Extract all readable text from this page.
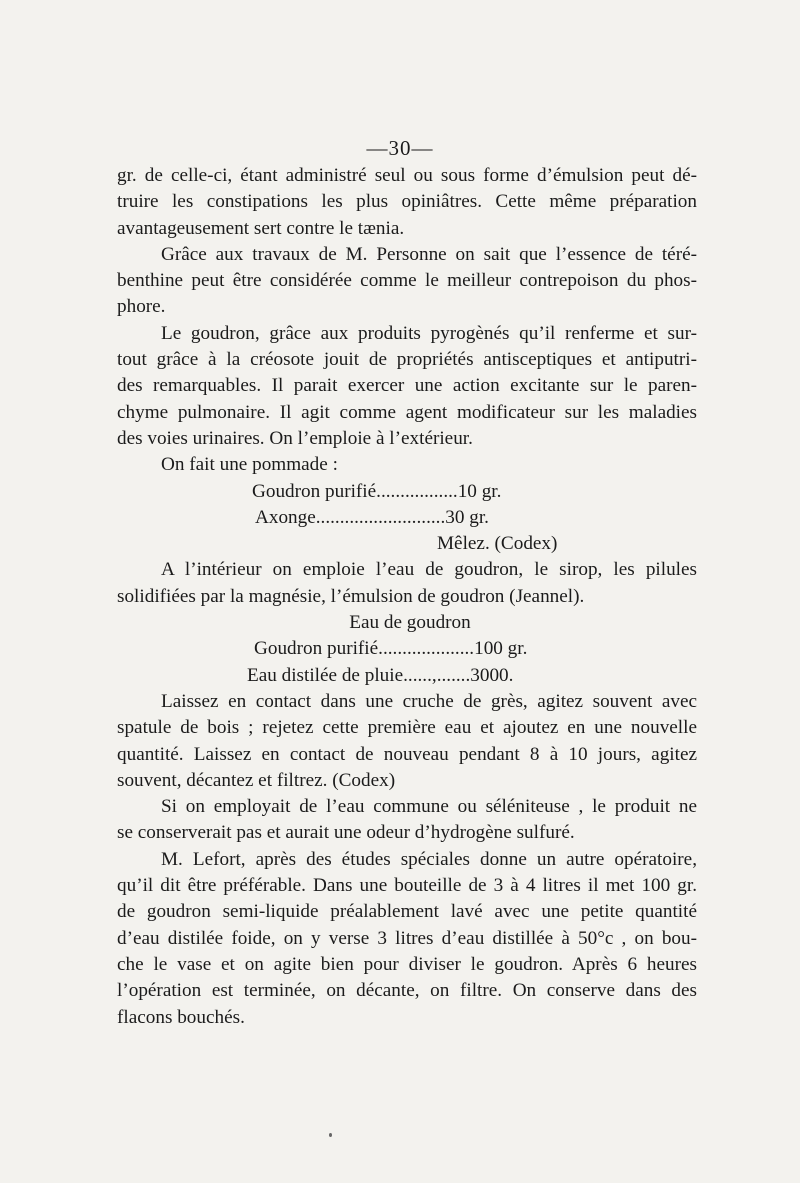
—30—
gr. de celle-ci, étant administré seul ou sous forme d’émulsion peut dé-
truire les constipations les plus opiniâtres. Cette même préparation
avantageusement sert contre le tænia.
Grâce aux travaux de M. Personne on sait que l’essence de téré-
benthine peut être considérée comme le meilleur contrepoison du phos-
phore.
Le goudron, grâce aux produits pyrogènés qu’il renferme et sur-
tout grâce à la créosote jouit de propriétés antisceptiques et antiputri-
des remarquables. Il parait exercer une action excitante sur le paren-
chyme pulmonaire. Il agit comme agent modificateur sur les maladies
des voies urinaires. On l’emploie à l’extérieur.
On fait une pommade :
Goudron purifié.................10 gr.
Axonge...........................30 gr.
Mêlez. (Codex)
A l’intérieur on emploie l’eau de goudron, le sirop, les pilules
solidifiées par la magnésie, l’émulsion de goudron (Jeannel).
Eau de goudron
Goudron purifié....................100 gr.
Eau distilée de pluie......,.......3000.
Laissez en contact dans une cruche de grès, agitez souvent avec
spatule de bois ; rejetez cette première eau et ajoutez en une nouvelle
quantité. Laissez en contact de nouveau pendant 8 à 10 jours, agitez
souvent, décantez et filtrez. (Codex)
Si on employait de l’eau commune ou séléniteuse , le produit ne
se conserverait pas et aurait une odeur d’hydrogène sulfuré.
M. Lefort, après des études spéciales donne un autre opératoire,
qu’il dit être préférable. Dans une bouteille de 3 à 4 litres il met 100 gr.
de goudron semi-liquide préalablement lavé avec une petite quantité
d’eau distilée foide, on y verse 3 litres d’eau distillée à 50°c , on bou-
che le vase et on agite bien pour diviser le goudron. Après 6 heures
l’opération est terminée, on décante, on filtre. On conserve dans des
flacons bouchés.
